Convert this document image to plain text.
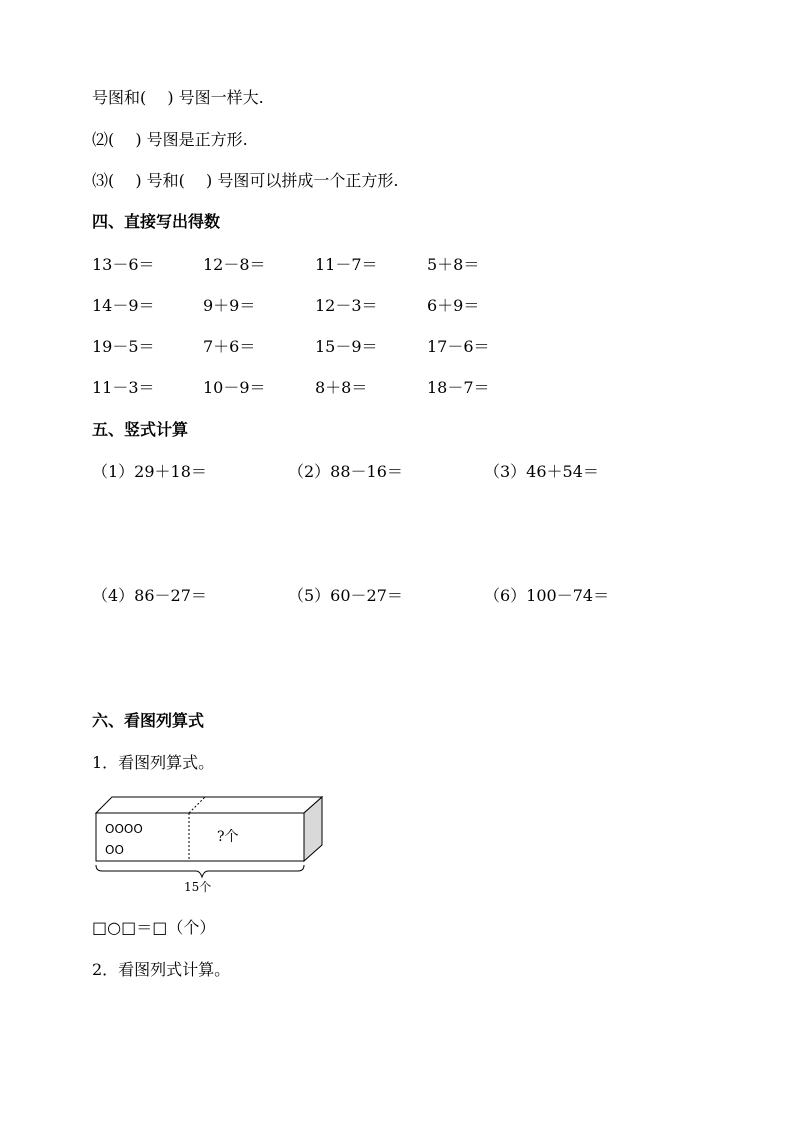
号图和(　 ) 号图一样大.
⑵(　 ) 号图是正方形.
⑶(　 ) 号和(　 ) 号图可以拼成一个正方形.
四、直接写出得数
13－6＝	12－8＝	11－7＝	5＋8＝
14－9＝	9＋9＝	12－3＝	6＋9＝
19－5＝	7＋6＝	15－9＝	17－6＝
11－3＝	10－9＝	8＋8＝	18－7＝
五、竖式计算
（1）29＋18＝	（2）88－16＝	（3）46＋54＝
（4）86－27＝	（5）60－27＝	（6）100－74＝
六、看图列算式
1．看图列算式。
OOOO
OO
?个
15个
□○□＝□（个）
2．看图列式计算。
